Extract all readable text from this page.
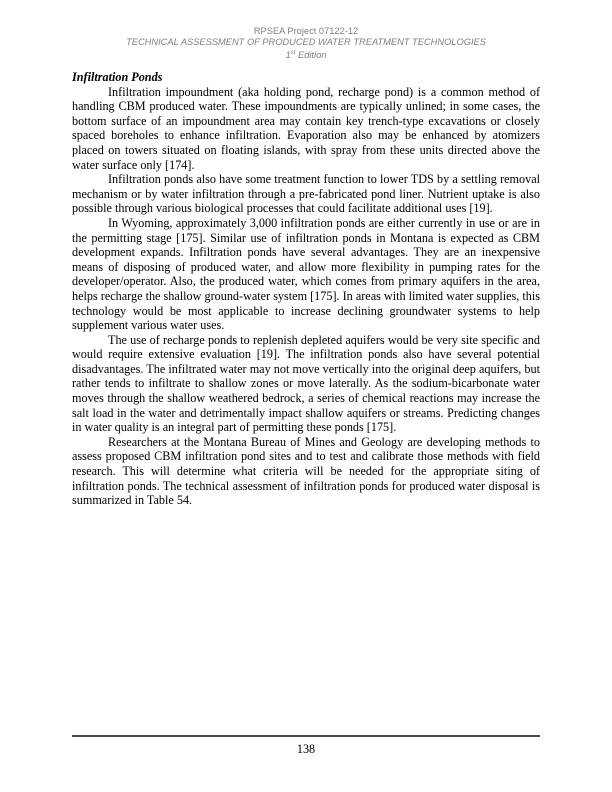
RPSEA Project 07122-12
TECHNICAL ASSESSMENT OF PRODUCED WATER TREATMENT TECHNOLOGIES
1st Edition
Infiltration Ponds

Infiltration impoundment (aka holding pond, recharge pond) is a common method of handling CBM produced water. These impoundments are typically unlined; in some cases, the bottom surface of an impoundment area may contain key trench-type excavations or closely spaced boreholes to enhance infiltration. Evaporation also may be enhanced by atomizers placed on towers situated on floating islands, with spray from these units directed above the water surface only [174].

Infiltration ponds also have some treatment function to lower TDS by a settling removal mechanism or by water infiltration through a pre-fabricated pond liner. Nutrient uptake is also possible through various biological processes that could facilitate additional uses [19].

In Wyoming, approximately 3,000 infiltration ponds are either currently in use or are in the permitting stage [175]. Similar use of infiltration ponds in Montana is expected as CBM development expands. Infiltration ponds have several advantages. They are an inexpensive means of disposing of produced water, and allow more flexibility in pumping rates for the developer/operator. Also, the produced water, which comes from primary aquifers in the area, helps recharge the shallow ground-water system [175]. In areas with limited water supplies, this technology would be most applicable to increase declining groundwater systems to help supplement various water uses.

The use of recharge ponds to replenish depleted aquifers would be very site specific and would require extensive evaluation [19]. The infiltration ponds also have several potential disadvantages. The infiltrated water may not move vertically into the original deep aquifers, but rather tends to infiltrate to shallow zones or move laterally. As the sodium-bicarbonate water moves through the shallow weathered bedrock, a series of chemical reactions may increase the salt load in the water and detrimentally impact shallow aquifers or streams. Predicting changes in water quality is an integral part of permitting these ponds [175].

Researchers at the Montana Bureau of Mines and Geology are developing methods to assess proposed CBM infiltration pond sites and to test and calibrate those methods with field research. This will determine what criteria will be needed for the appropriate siting of infiltration ponds. The technical assessment of infiltration ponds for produced water disposal is summarized in Table 54.

138
